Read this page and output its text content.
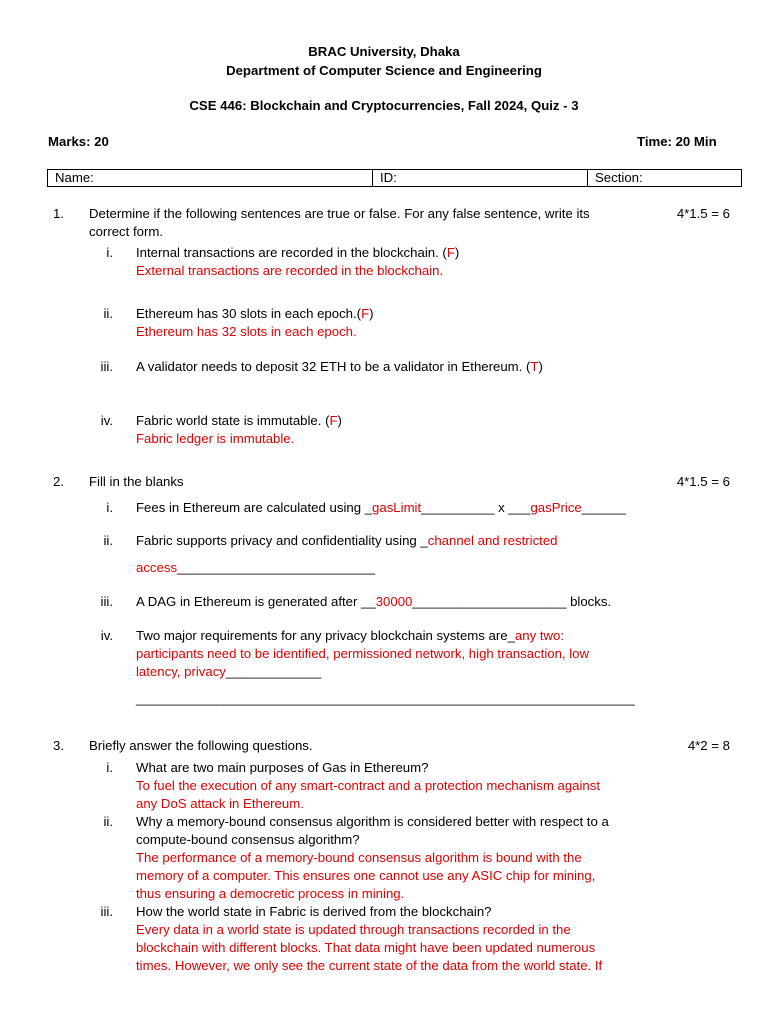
BRAC University, Dhaka
Department of Computer Science and Engineering
CSE 446: Blockchain and Cryptocurrencies, Fall 2024, Quiz - 3
Marks: 20	Time: 20 Min
Name:	ID:	Section:
1. Determine if the following sentences are true or false. For any false sentence, write its
correct form.
4*1.5 = 6
i. Internal transactions are recorded in the blockchain. (F)
External transactions are recorded in the blockchain.
ii. Ethereum has 30 slots in each epoch.(F)
Ethereum has 32 slots in each epoch.
iii. A validator needs to deposit 32 ETH to be a validator in Ethereum. (T)
iv. Fabric world state is immutable. (F)
Fabric ledger is immutable.
2. Fill in the blanks	4*1.5 = 6
i. Fees in Ethereum are calculated using _gasLimit__________ x ___gasPrice______
ii. Fabric supports privacy and confidentiality using _channel and restricted
access___________________________
iii. A DAG in Ethereum is generated after __30000_____________________ blocks.
iv. Two major requirements for any privacy blockchain systems are_any two:
participants need to be identified, permissioned network, high transaction, low
latency, privacy_____________
____________________________________________________________________
3. Briefly answer the following questions.	4*2 = 8
i. What are two main purposes of Gas in Ethereum?
To fuel the execution of any smart-contract and a protection mechanism against
any DoS attack in Ethereum.
ii. Why a memory-bound consensus algorithm is considered better with respect to a
compute-bound consensus algorithm?
The performance of a memory-bound consensus algorithm is bound with the
memory of a computer. This ensures one cannot use any ASIC chip for mining,
thus ensuring a democretic process in mining.
iii. How the world state in Fabric is derived from the blockchain?
Every data in a world state is updated through transactions recorded in the
blockchain with different blocks. That data might have been updated numerous
times. However, we only see the current state of the data from the world state. If
